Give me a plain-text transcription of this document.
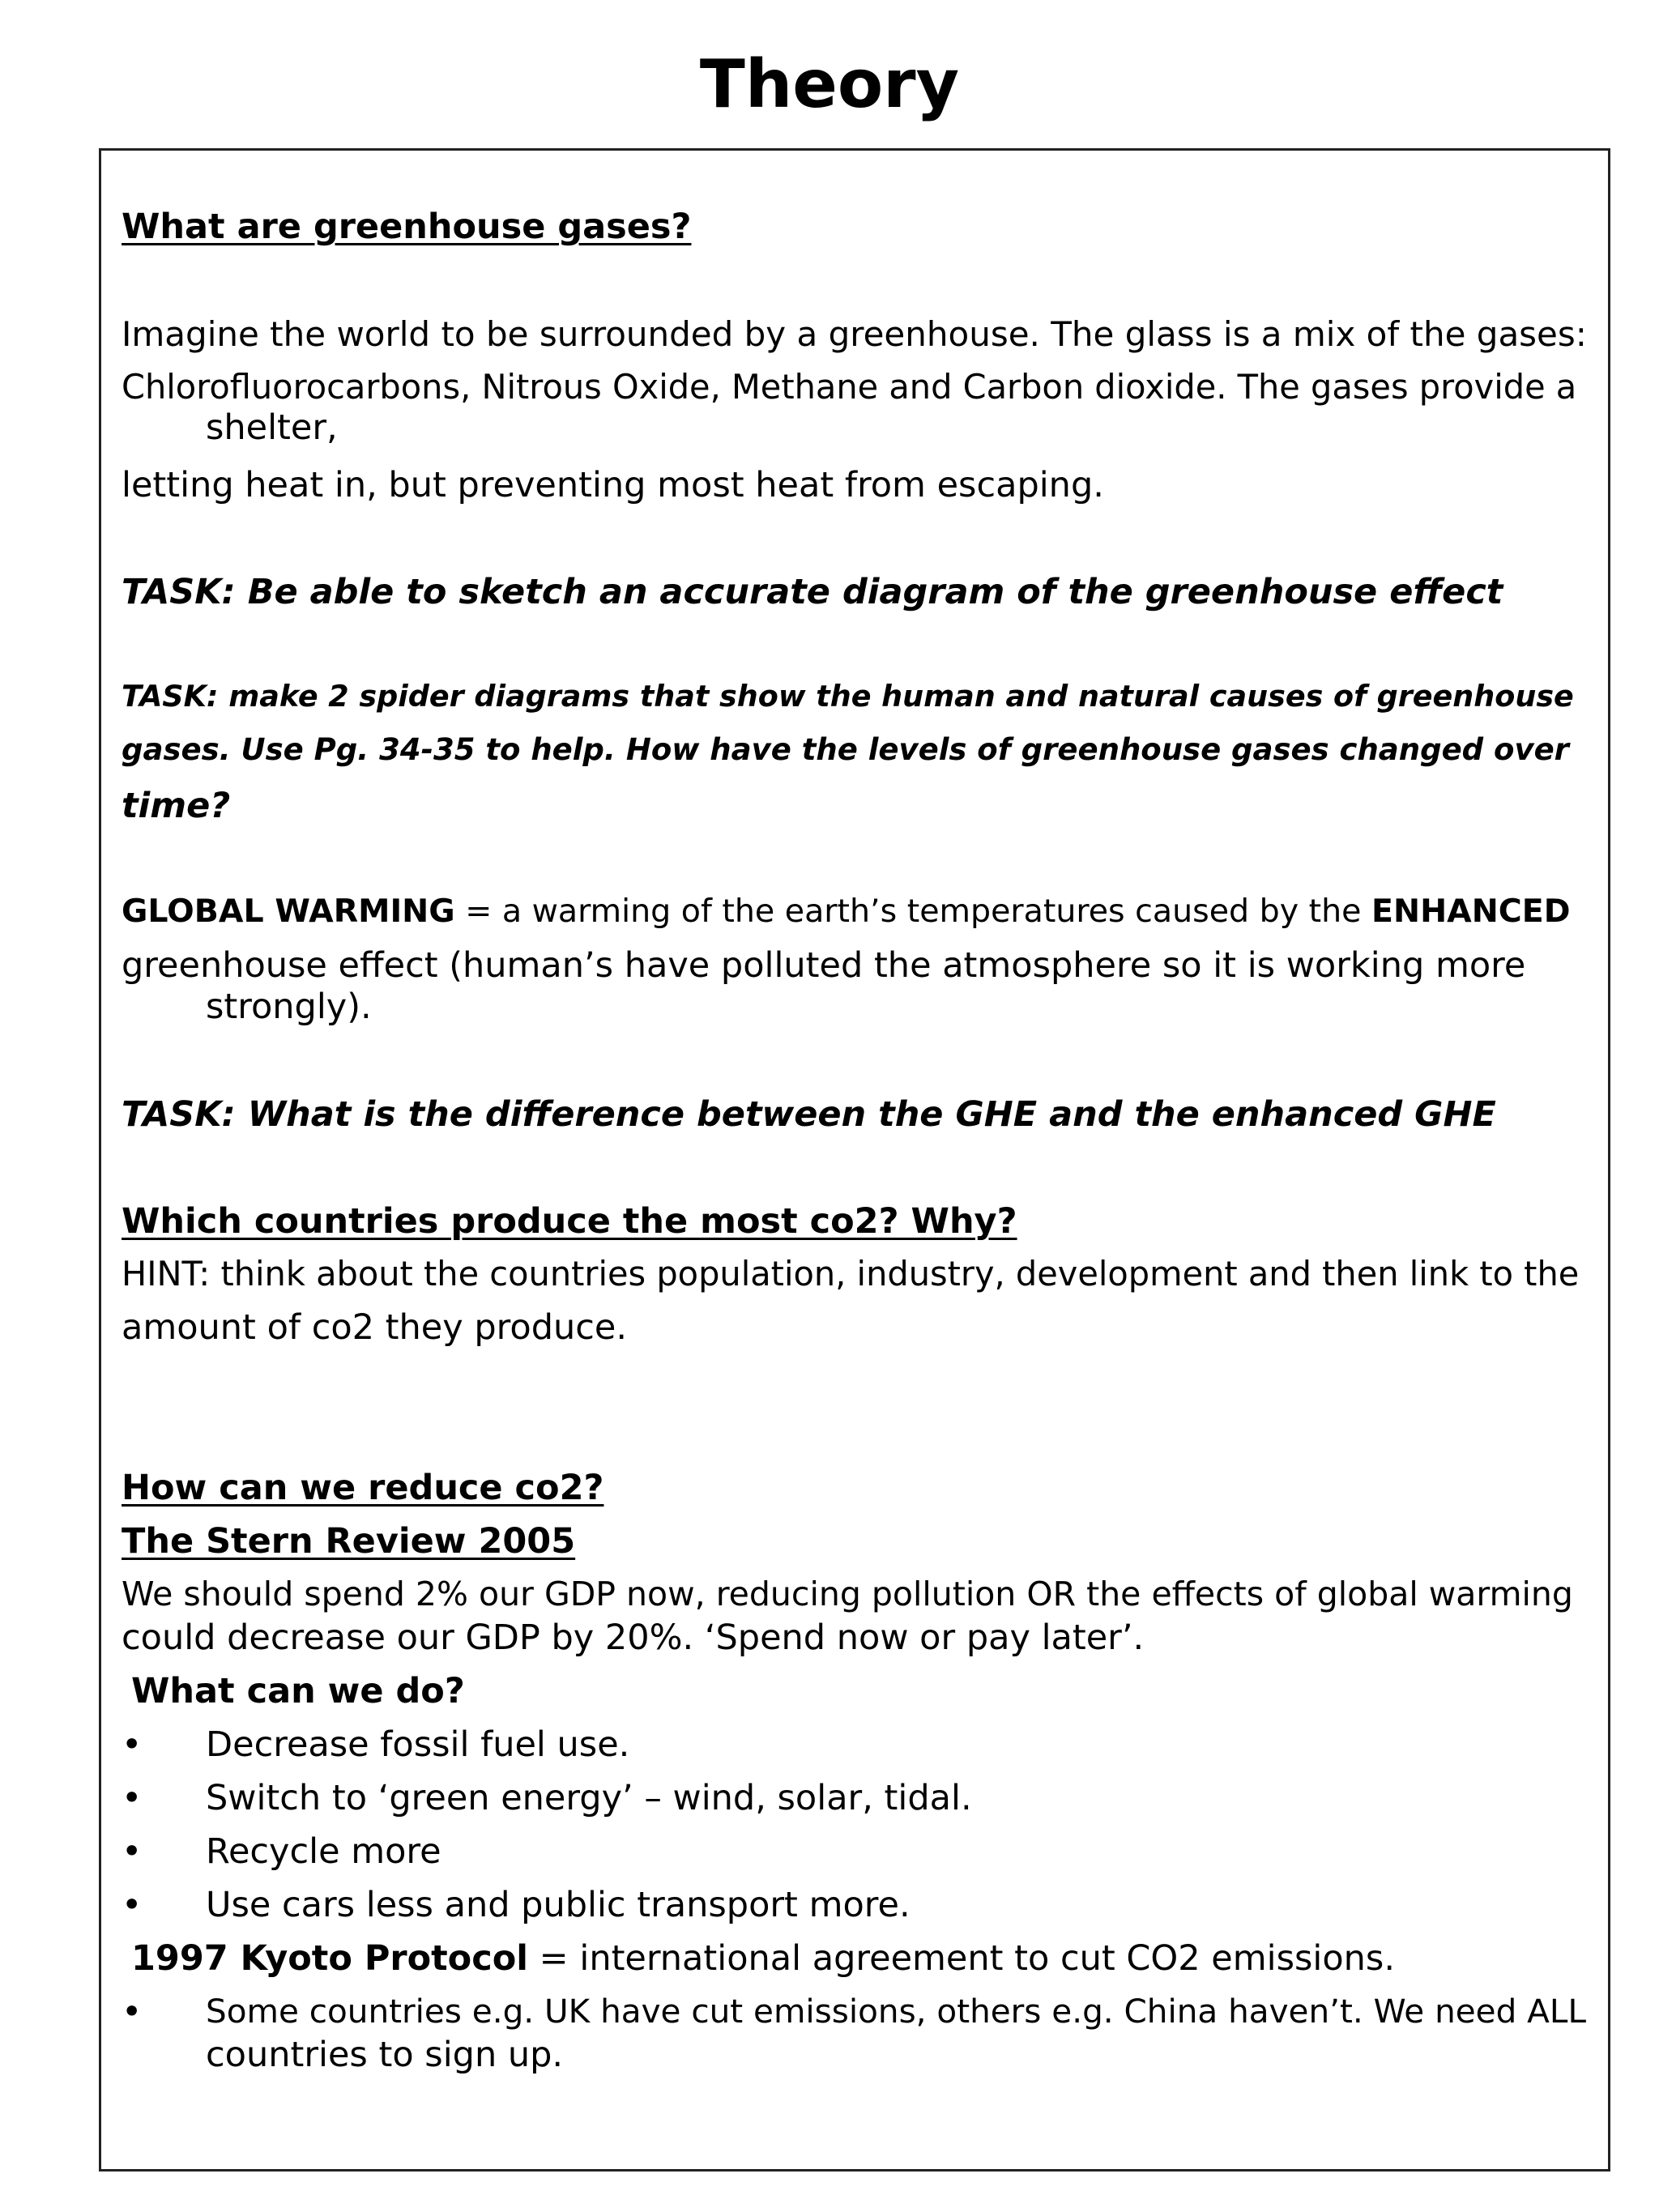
Theory
What are greenhouse gases?
Imagine the world to be surrounded by a greenhouse. The glass is a mix of the gases:
Chlorofluorocarbons, Nitrous Oxide, Methane and Carbon dioxide. The gases provide a
shelter,
letting heat in, but preventing most heat from escaping.
TASK: Be able to sketch an accurate diagram of the greenhouse effect
TASK: make 2 spider diagrams that show the human and natural causes of greenhouse
gases. Use Pg. 34-35 to help. How have the levels of greenhouse gases changed over
time?
GLOBAL WARMING = a warming of the earth’s temperatures caused by the ENHANCED
greenhouse effect (human’s have polluted the atmosphere so it is working more
strongly).
TASK: What is the difference between the GHE and the enhanced GHE
Which countries produce the most co2? Why?
HINT: think about the countries population, industry, development and then link to the
amount of co2 they produce.
How can we reduce co2?
The Stern Review 2005
We should spend 2% our GDP now, reducing pollution OR the effects of global warming
could decrease our GDP by 20%. ‘Spend now or pay later’.
What can we do?
• Decrease fossil fuel use.
• Switch to ‘green energy’ – wind, solar, tidal.
• Recycle more
• Use cars less and public transport more.
1997 Kyoto Protocol = international agreement to cut CO2 emissions.
• Some countries e.g. UK have cut emissions, others e.g. China haven’t. We need ALL
countries to sign up.
